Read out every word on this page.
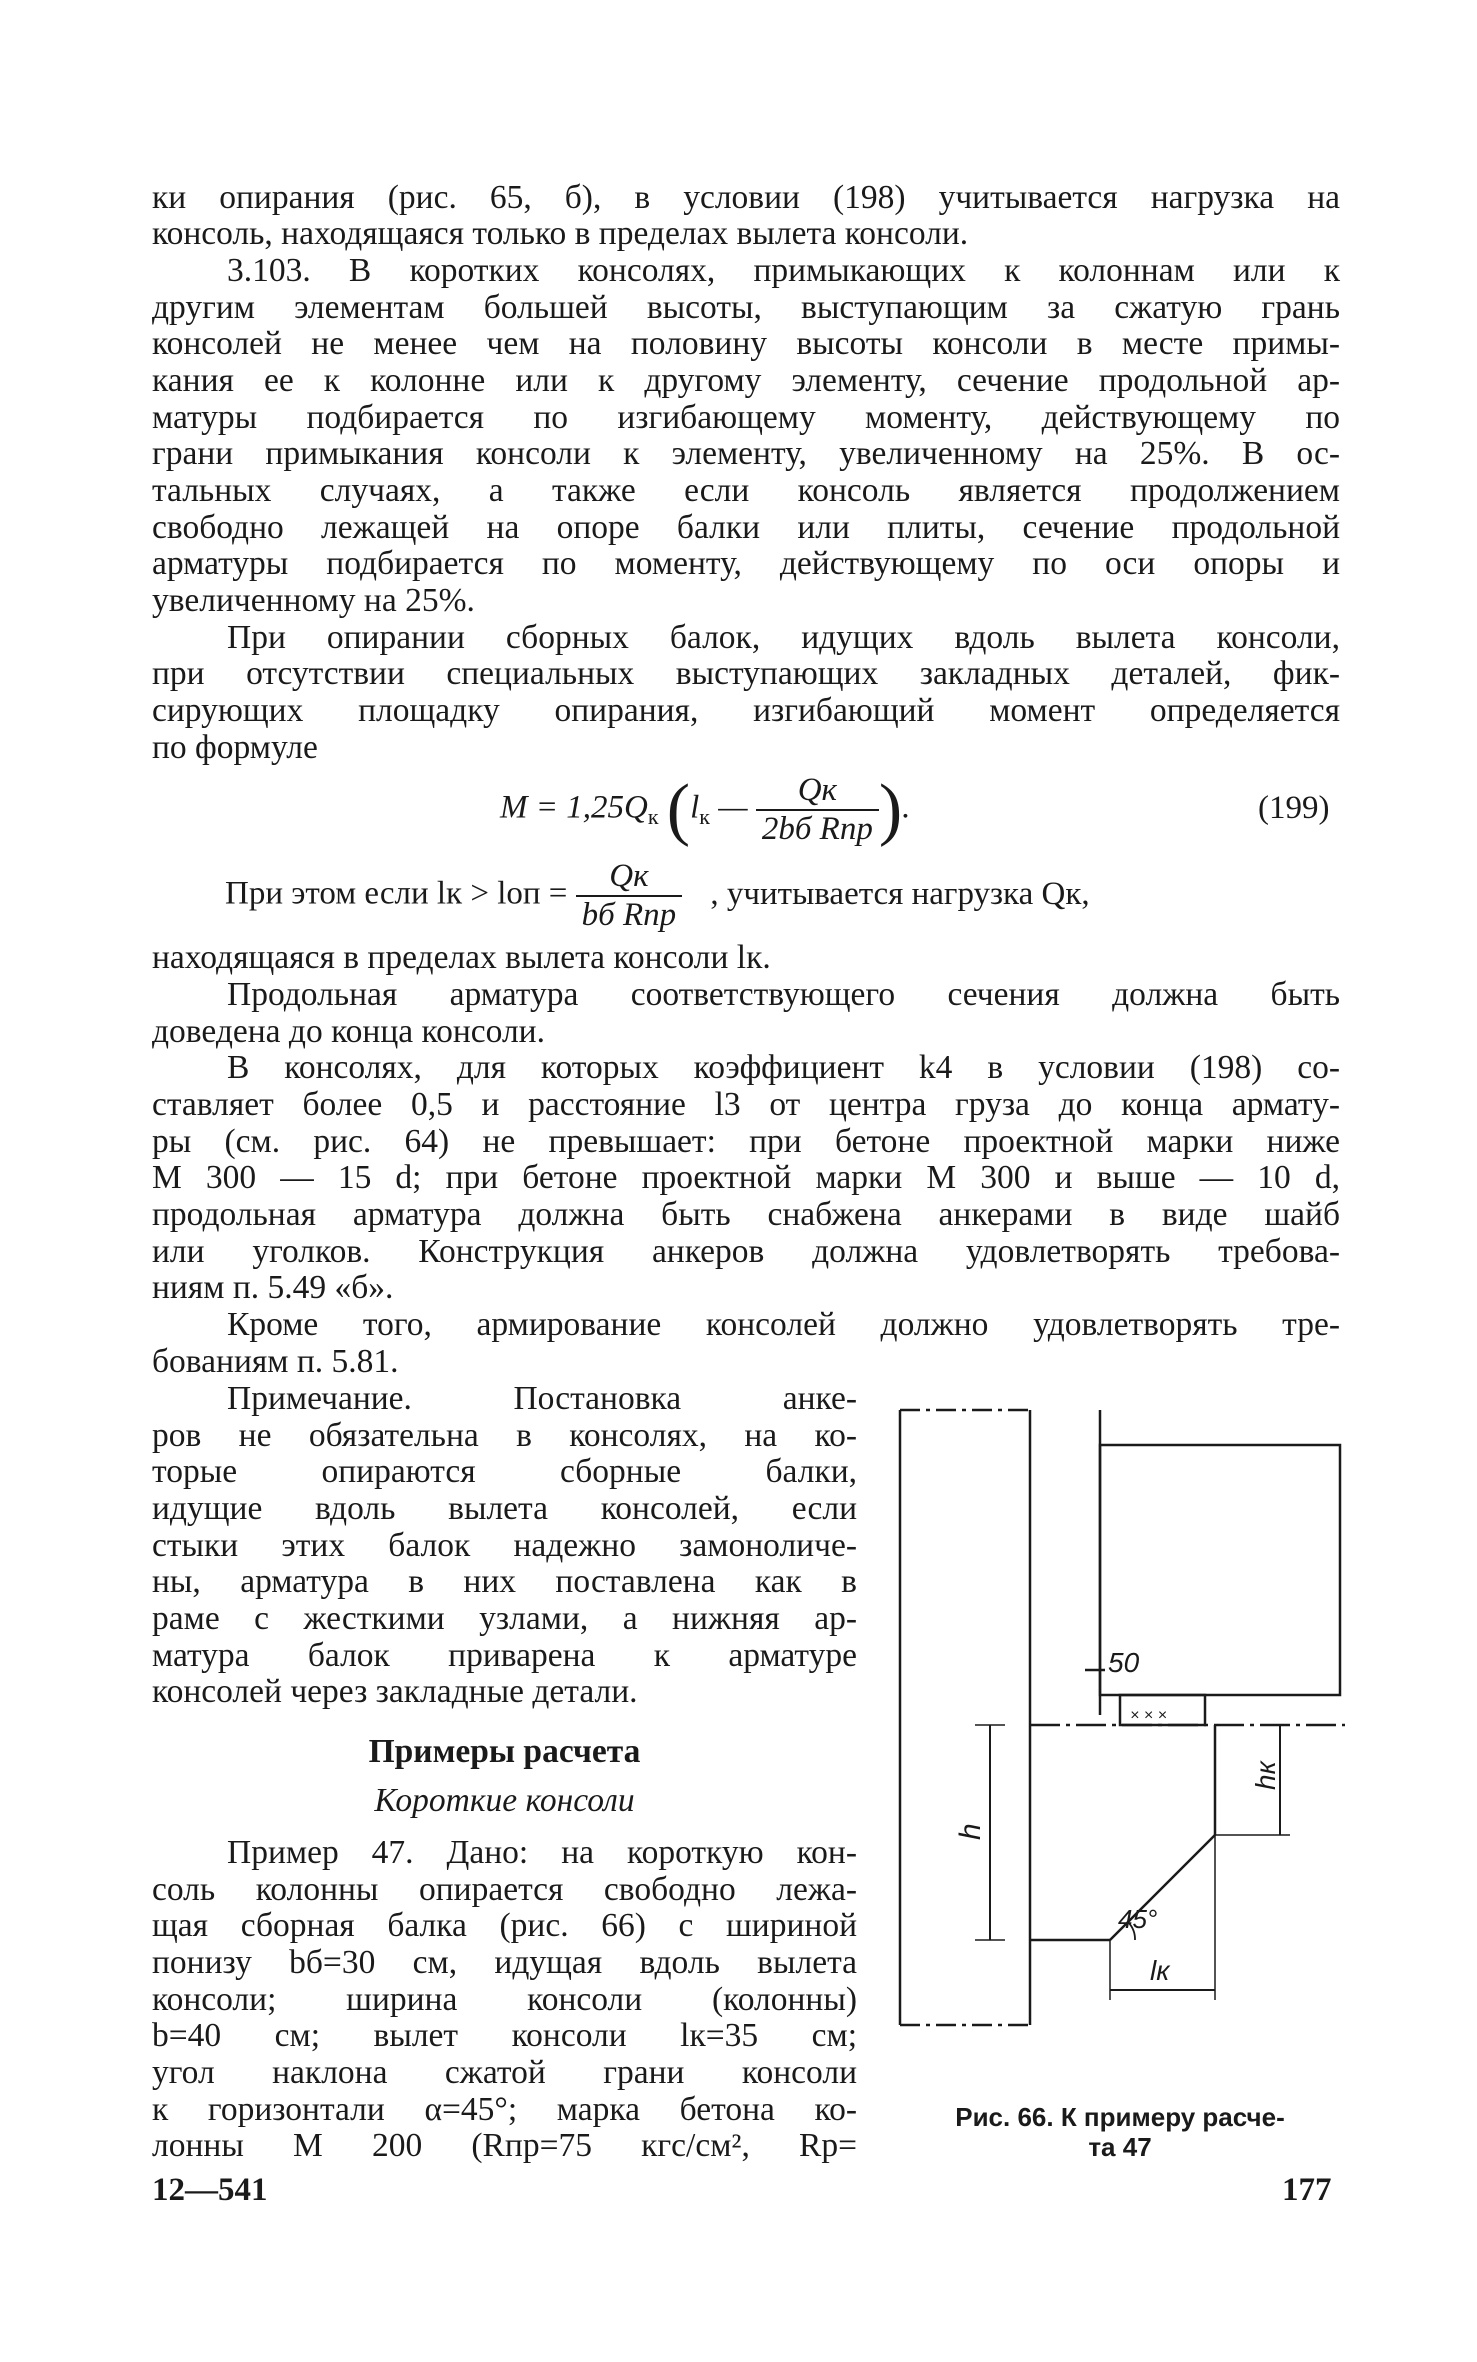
ки опирания (рис. 65, б), в условии (198) учитывается нагрузка на
консоль, находящаяся только в пределах вылета консоли.
3.103. В коротких консолях, примыкающих к колоннам или к
другим элементам большей высоты, выступающим за сжатую грань
консолей не менее чем на половину высоты консоли в месте примы-
кания ее к колонне или к другому элементу, сечение продольной ар-
матуры подбирается по изгибающему моменту, действующему по
грани примыкания консоли к элементу, увеличенному на 25%. В ос-
тальных случаях, а также если консоль является продолжением
свободно лежащей на опоре балки или плиты, сечение продольной
арматуры подбирается по моменту, действующему по оси опоры и
увеличенному на 25%.
При опирании сборных балок, идущих вдоль вылета консоли,
при отсутствии специальных выступающих закладных деталей, фик-
сирующих площадку опирания, изгибающий момент определяется
по формуле
M = 1,25Qк (lк — $\frac{Qк}{\text{2bб Rпр}}$ ).	(199)
При этом если lк > lоп = $\frac{Qк}{\text{bб Rпр}}$ , учитывается нагрузка Qк,
находящаяся в пределах вылета консоли lк.
Продольная арматура соответствующего сечения должна быть
доведена до конца консоли.
В консолях, для которых коэффициент k4 в условии (198) со-
ставляет более 0,5 и расстояние l3 от центра груза до конца армату-
ры (см. рис. 64) не превышает: при бетоне проектной марки ниже
М 300 — 15 d; при бетоне проектной марки М 300 и выше — 10 d,
продольная арматура должна быть снабжена анкерами в виде шайб
или уголков. Конструкция анкеров должна удовлетворять требова-
ниям п. 5.49 «б».
Кроме того, армирование консолей должно удовлетворять тре-
бованиям п. 5.81.
Примечание. Постановка анке-
ров не обязательна в консолях, на ко-
торые опираются сборные балки,
идущие вдоль вылета консолей, если
стыки этих балок надежно замоноличе-
ны, арматура в них поставлена как в
раме с жесткими узлами, а нижняя ар-
матура балок приварена к арматуре
консолей через закладные детали.
Примеры расчета
Короткие консоли
Пример 47. Дано: на короткую кон-
соль колонны опирается свободно лежа-
щая сборная балка (рис. 66) с шириной
понизу bб=30 см, идущая вдоль вылета
консоли; ширина консоли (колонны)
b=40 см; вылет консоли lк=35 см;
угол наклона сжатой грани консоли
к горизонтали α=45°; марка бетона ко-
лонны М 200 (Rпр=75 кгс/см², Rр=
× × ×
50
h
hк
45°
lк
Рис. 66. К примеру расче-
та 47
12—541	177
